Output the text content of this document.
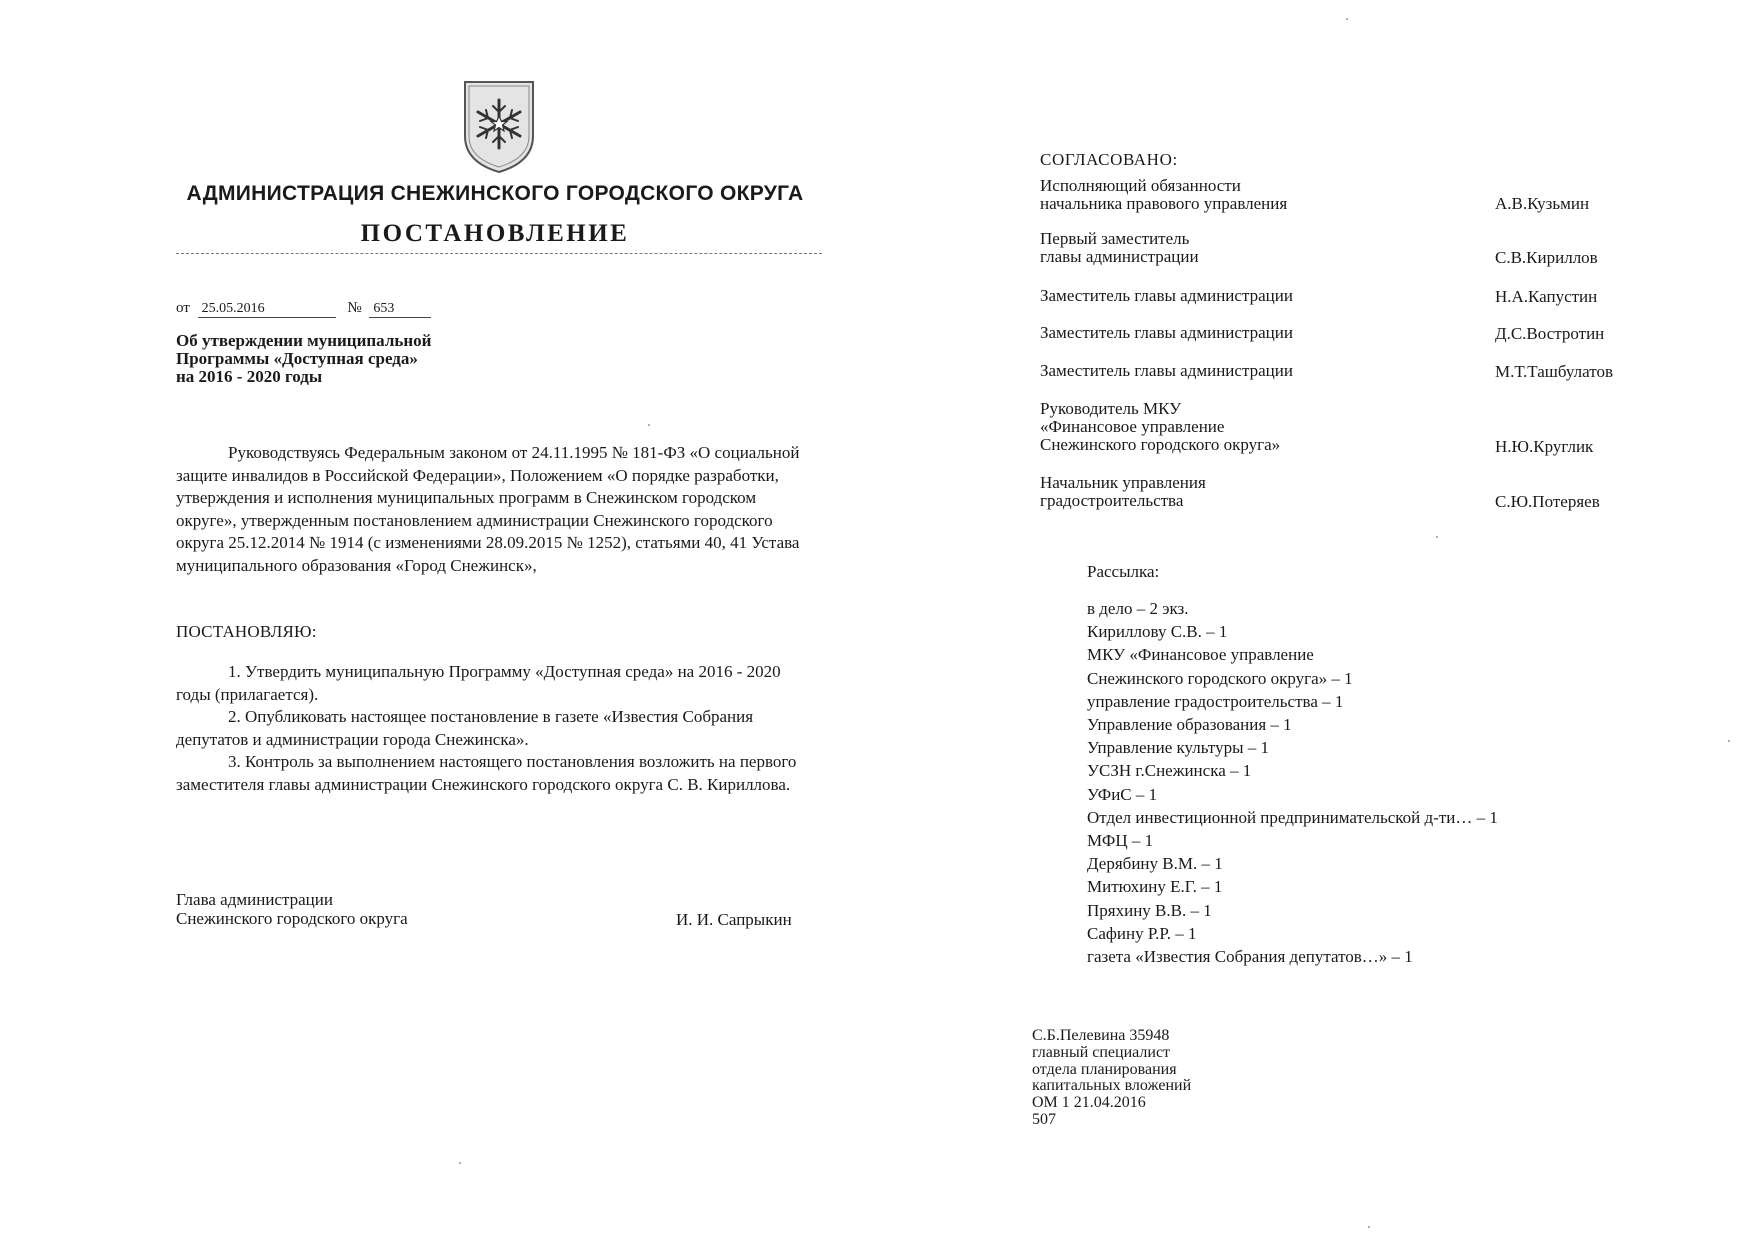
АДМИНИСТРАЦИЯ СНЕЖИНСКОГО ГОРОДСКОГО ОКРУГА
ПОСТАНОВЛЕНИЕ
от 25.05.2016	№ 653
Об утверждении муниципальной
Программы «Доступная среда»
на 2016 - 2020 годы
Руководствуясь Федеральным законом от 24.11.1995 № 181-ФЗ «О социальной защите инвалидов в Российской Федерации», Положением «О порядке разработки, утверждения и исполнения муниципальных программ в Снежинском городском округе», утвержденным постановлением администрации Снежинского городского округа 25.12.2014 № 1914 (с изменениями 28.09.2015 № 1252), статьями 40, 41 Устава муниципального образования «Город Снежинск»,
ПОСТАНОВЛЯЮ:

1. Утвердить муниципальную Программу «Доступная среда» на 2016 - 2020 годы (прилагается).

2. Опубликовать настоящее постановление в газете «Известия Собрания депутатов и администрации города Снежинска».

3. Контроль за выполнением настоящего постановления возложить на первого заместителя главы администрации Снежинского городского округа С. В. Кириллова.

Глава администрации
Снежинского городского округа	И. И. Сапрыкин
СОГЛАСОВАНО:
Исполняющий обязанности
начальника правового управления	А.В.Кузьмин
Первый заместитель
главы администрации	С.В.Кириллов
Заместитель главы администрации	Н.А.Капустин
Заместитель главы администрации	Д.С.Востротин
Заместитель главы администрации	М.Т.Ташбулатов
Руководитель МКУ
«Финансовое управление
Снежинского городского округа»	Н.Ю.Круглик
Начальник управления
градостроительства	С.Ю.Потеряев
Рассылка:
в дело – 2 экз.
Кириллову С.В. – 1
МКУ «Финансовое управление
Снежинского городского округа» – 1
управление градостроительства – 1
Управление образования – 1
Управление культуры – 1
УСЗН г.Снежинска – 1
УФиС – 1
Отдел инвестиционной предпринимательской д-ти… – 1
МФЦ – 1
Дерябину В.М. – 1
Митюхину Е.Г. – 1
Пряхину В.В. – 1
Сафину Р.Р. – 1
газета «Известия Собрания депутатов…» – 1
С.Б.Пелевина 35948
главный специалист
отдела планирования
капитальных вложений
ОМ 1 21.04.2016
507
